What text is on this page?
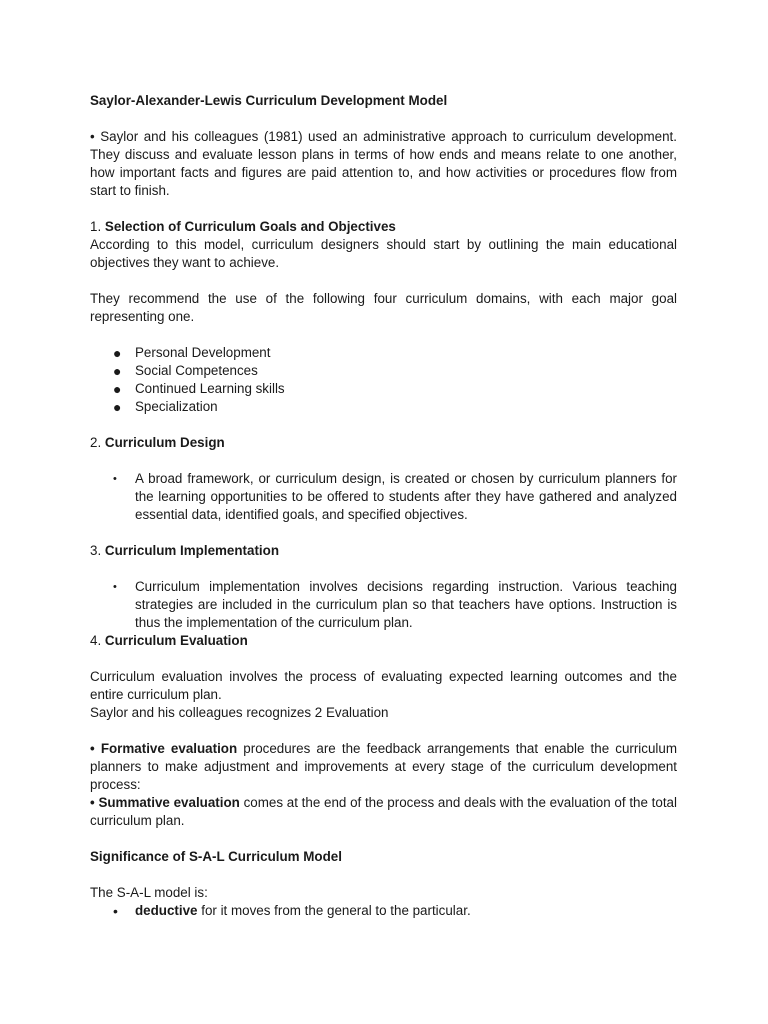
Saylor-Alexander-Lewis Curriculum Development Model

• Saylor and his colleagues (1981) used an administrative approach to curriculum development. They discuss and evaluate lesson plans in terms of how ends and means relate to one another, how important facts and figures are paid attention to, and how activities or procedures flow from start to finish.

1. Selection of Curriculum Goals and Objectives

According to this model, curriculum designers should start by outlining the main educational objectives they want to achieve.

They recommend the use of the following four curriculum domains, with each major goal representing one.

● Personal Development
● Social Competences
● Continued Learning skills
● Specialization
2. Curriculum Design
•	A broad framework, or curriculum design, is created or chosen by curriculum planners for the learning opportunities to be offered to students after they have gathered and analyzed essential data, identified goals, and specified objectives.
3. Curriculum Implementation
•	Curriculum implementation involves decisions regarding instruction. Various teaching strategies are included in the curriculum plan so that teachers have options. Instruction is thus the implementation of the curriculum plan.
4. Curriculum Evaluation

Curriculum evaluation involves the process of evaluating expected learning outcomes and the entire curriculum plan.

Saylor and his colleagues recognizes 2 Evaluation

• Formative evaluation procedures are the feedback arrangements that enable the curriculum planners to make adjustment and improvements at every stage of the curriculum development process:

• Summative evaluation comes at the end of the process and deals with the evaluation of the total curriculum plan.

Significance of S-A-L Curriculum Model

The S-A-L model is:

•	deductive for it moves from the general to the particular.
